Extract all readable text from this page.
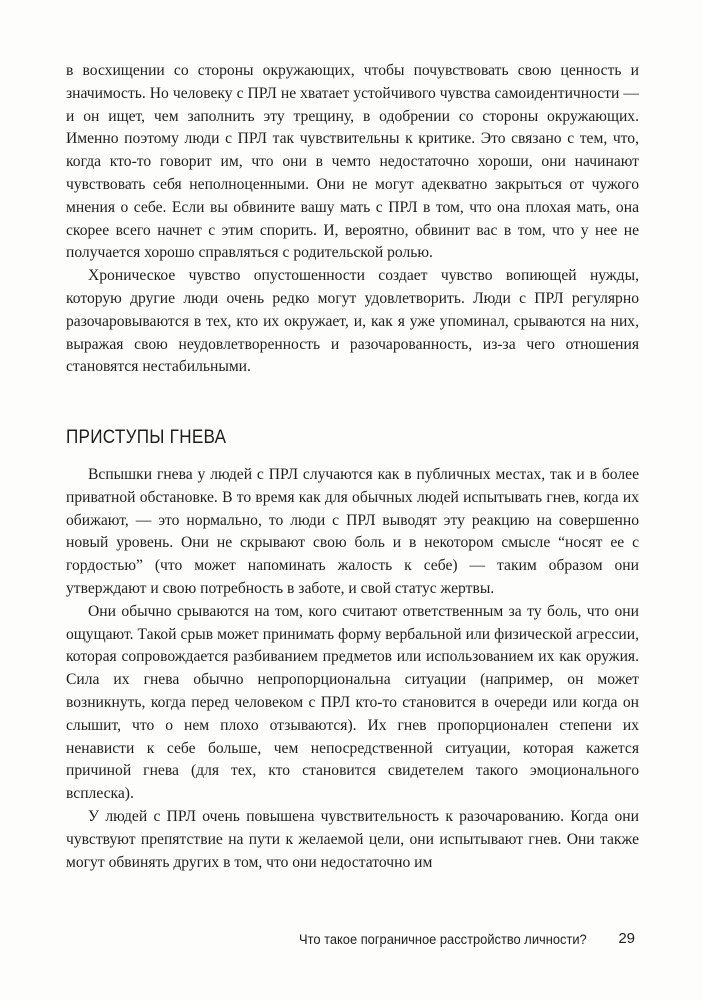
в восхищении со стороны окружающих, чтобы почувствовать свою ценность и значимость. Но человеку с ПРЛ не хватает устойчивого чувства самоидентичности — и он ищет, чем заполнить эту трещину, в одобрении со стороны окружающих. Именно поэтому люди с ПРЛ так чувствительны к критике. Это связано с тем, что, когда кто-то говорит им, что они в чемто недостаточно хороши, они начинают чувствовать себя неполноценными. Они не могут адекватно закрыться от чужого мнения о себе. Если вы обвините вашу мать с ПРЛ в том, что она плохая мать, она скорее всего начнет с этим спорить. И, вероятно, обвинит вас в том, что у нее не получается хорошо справляться с родительской ролью.

Хроническое чувство опустошенности создает чувство вопиющей нужды, которую другие люди очень редко могут удовлетворить. Люди с ПРЛ регулярно разочаровываются в тех, кто их окружает, и, как я уже упоминал, срываются на них, выражая свою неудовлетворенность и разочарованность, из-за чего отношения становятся нестабильными.

ПРИСТУПЫ ГНЕВА

Вспышки гнева у людей с ПРЛ случаются как в публичных местах, так и в более приватной обстановке. В то время как для обычных людей испытывать гнев, когда их обижают, — это нормально, то люди с ПРЛ выводят эту реакцию на совершенно новый уровень. Они не скрывают свою боль и в некотором смысле “носят ее с гордостью” (что может напоминать жалость к себе) — таким образом они утверждают и свою потребность в заботе, и свой статус жертвы.

Они обычно срываются на том, кого считают ответственным за ту боль, что они ощущают. Такой срыв может принимать форму вербальной или физической агрессии, которая сопровождается разбиванием предметов или использованием их как оружия. Сила их гнева обычно непропорциональна ситуации (например, он может возникнуть, когда перед человеком с ПРЛ кто-то становится в очереди или когда он слышит, что о нем плохо отзываются). Их гнев пропорционален степени их ненависти к себе больше, чем непосредственной ситуации, которая кажется причиной гнева (для тех, кто становится свидетелем такого эмоционального всплеска).

У людей с ПРЛ очень повышена чувствительность к разочарованию. Когда они чувствуют препятствие на пути к желаемой цели, они испытывают гнев. Они также могут обвинять других в том, что они недостаточно им

Что такое пограничное расстройство личности? 29
